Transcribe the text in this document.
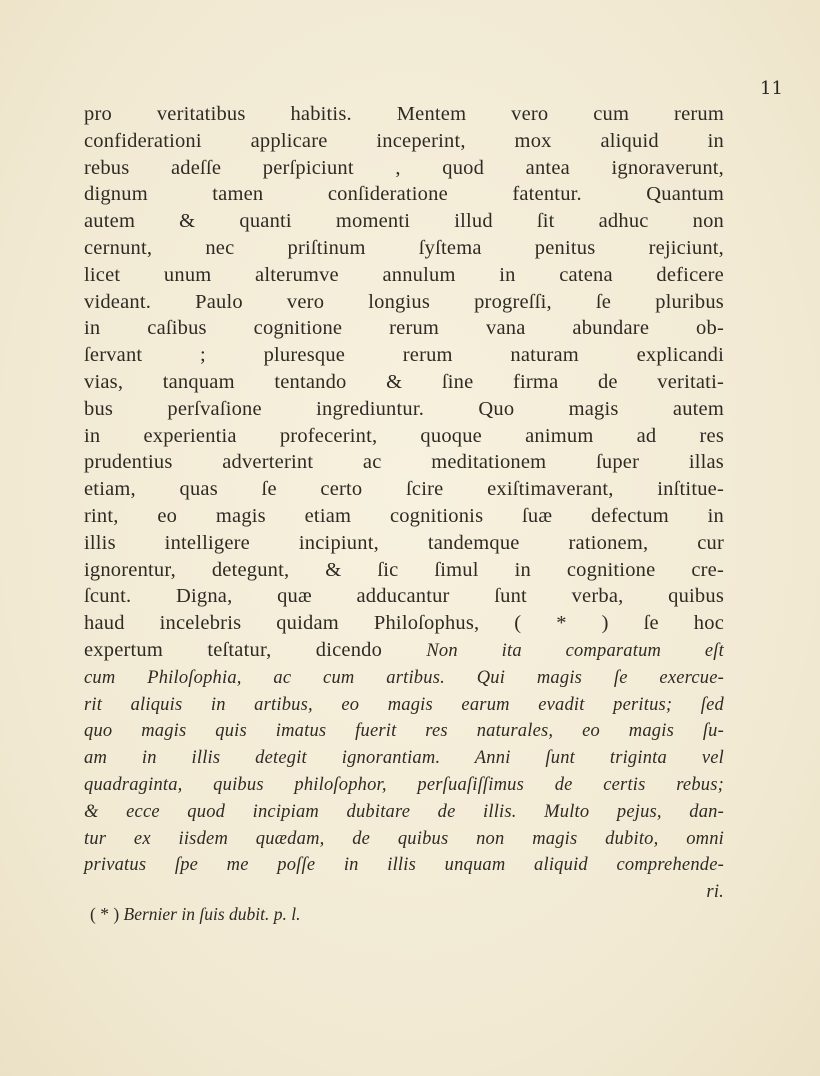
11
pro veritatibus habitis. Mentem vero cum rerum
confiderationi applicare inceperint, mox aliquid in
rebus adeſſe perſpiciunt , quod antea ignoraverunt,
dignum tamen conſideratione fatentur. Quantum
autem & quanti momenti illud ſit adhuc non
cernunt, nec priſtinum ſyſtema penitus rejiciunt,
licet unum alterumve annulum in catena deficere
videant. Paulo vero longius progreſſi, ſe pluribus
in caſibus cognitione rerum vana abundare ob-
ſervant ; pluresque rerum naturam explicandi
vias, tanquam tentando & ſine firma de veritati-
bus perſvaſione ingrediuntur. Quo magis autem
in experientia profecerint, quoque animum ad res
prudentius adverterint ac meditationem ſuper illas
etiam, quas ſe certo ſcire exiſtimaverant, inſtitue-
rint, eo magis etiam cognitionis ſuæ defectum in
illis intelligere incipiunt, tandemque rationem, cur
ignorentur, detegunt, & ſic ſimul in cognitione cre-
ſcunt. Digna, quæ adducantur ſunt verba, quibus
haud incelebris quidam Philoſophus, ( * ) ſe hoc
expertum teſtatur, dicendo Non ita comparatum eſt
cum Philoſophia, ac cum artibus. Qui magis ſe exercue-
rit aliquis in artibus, eo magis earum evadit peritus; ſed
quo magis quis imatus fuerit res naturales, eo magis ſu-
am in illis detegit ignorantiam. Anni ſunt triginta vel
quadraginta, quibus philoſophor, perſuaſiſſimus de certis rebus;
& ecce quod incipiam dubitare de illis. Multo pejus, dan-
tur ex iisdem quædam, de quibus non magis dubito, omni
privatus ſpe me poſſe in illis unquam aliquid comprehende-
ri.
( * ) Bernier in ſuis dubit. p. l.
